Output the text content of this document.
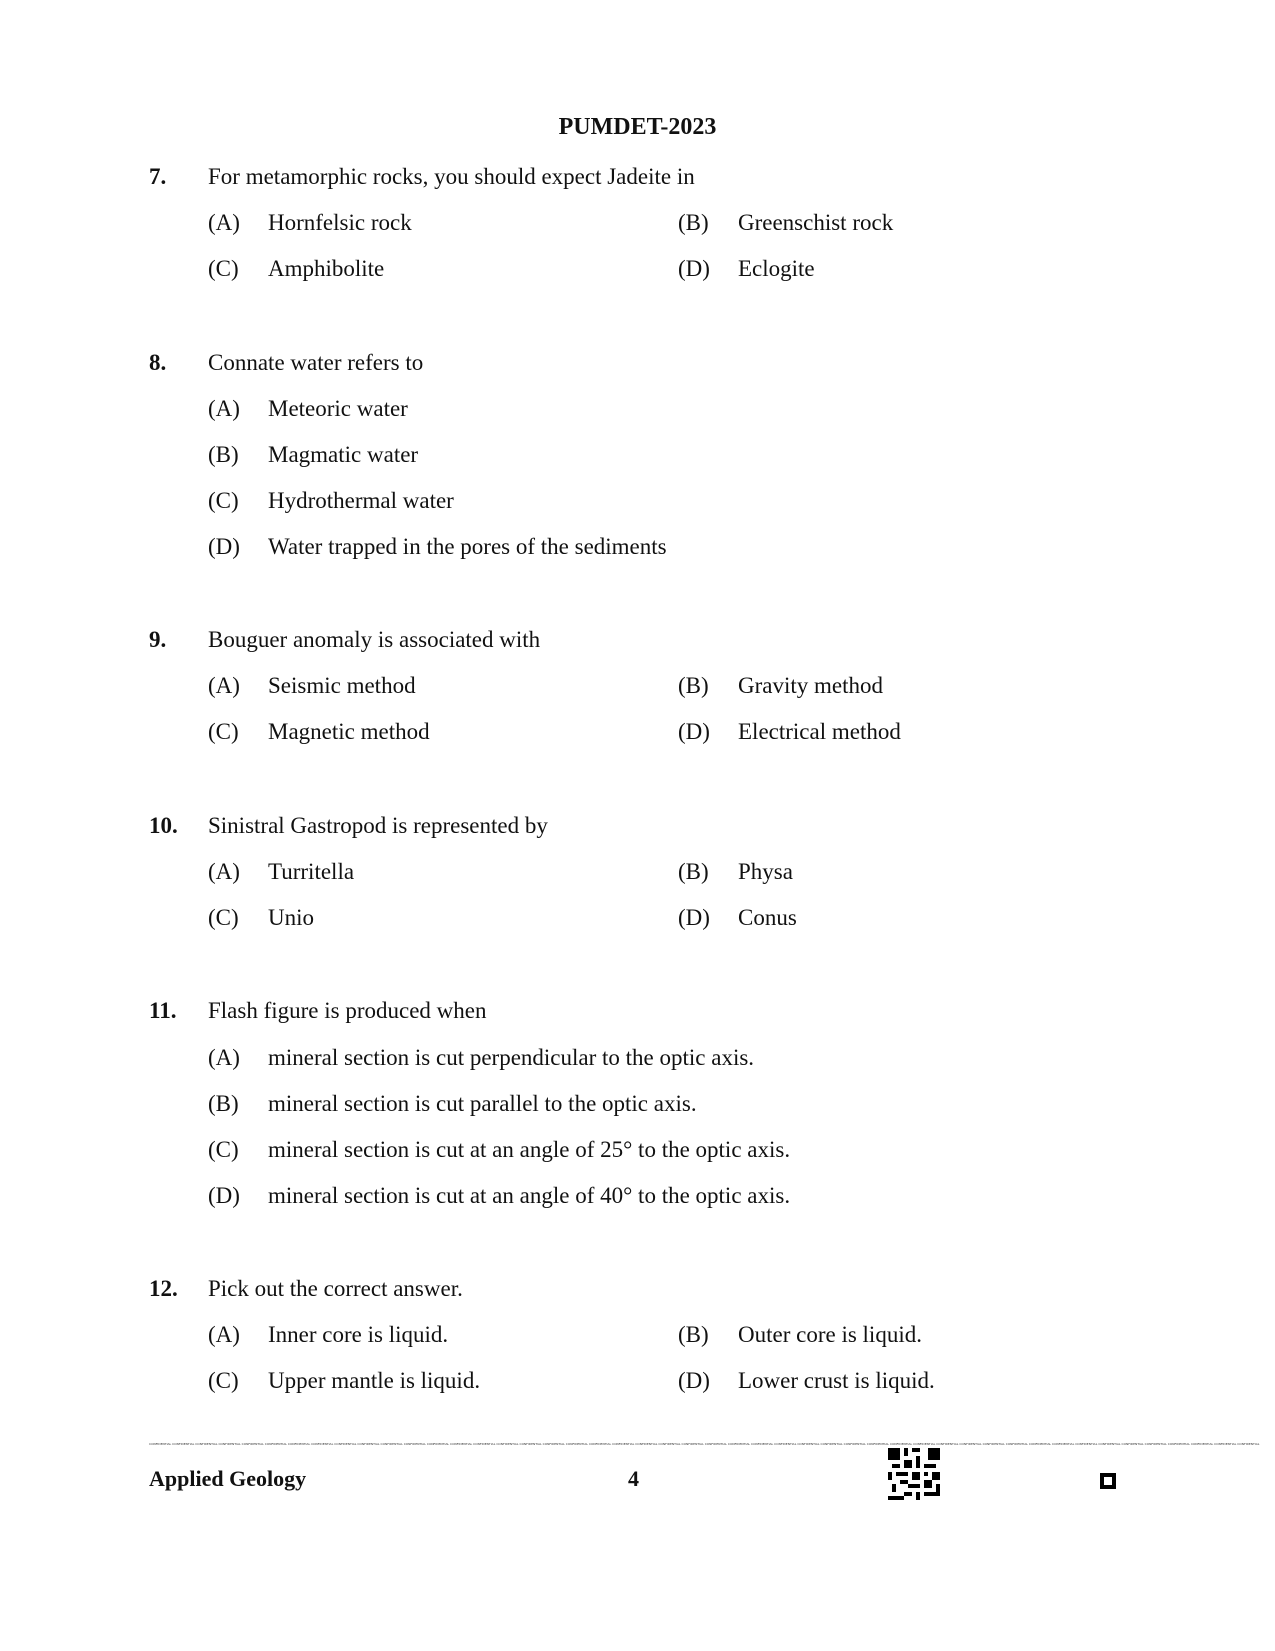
PUMDET-2023
7. For metamorphic rocks, you should expect Jadeite in
(A) Hornfelsic rock	(B) Greenschist rock
(C) Amphibolite	(D) Eclogite
8. Connate water refers to
(A) Meteoric water
(B) Magmatic water
(C) Hydrothermal water
(D) Water trapped in the pores of the sediments
9. Bouguer anomaly is associated with
(A) Seismic method	(B) Gravity method
(C) Magnetic method	(D) Electrical method
10. Sinistral Gastropod is represented by
(A) Turritella	(B) Physa
(C) Unio	(D) Conus
11. Flash figure is produced when
(A) mineral section is cut perpendicular to the optic axis.
(B) mineral section is cut parallel to the optic axis.
(C) mineral section is cut at an angle of 25° to the optic axis.
(D) mineral section is cut at an angle of 40° to the optic axis.
12. Pick out the correct answer.
(A) Inner core is liquid.	(B) Outer core is liquid.
(C) Upper mantle is liquid.	(D) Lower crust is liquid.
CONFIDENTIAL CONFIDENTIAL CONFIDENTIAL CONFIDENTIAL CONFIDENTIAL CONFIDENTIAL CONFIDENTIAL CONFIDENTIAL CONFIDENTIAL CONFIDENTIAL CONFIDENTIAL CONFIDENTIAL CONFIDENTIAL CONFIDENTIAL CONFIDENTIAL CONFIDENTIAL CONFIDENTIAL CONFIDENTIAL CONFIDENTIAL CONFIDENTIAL CONFIDENTIAL CONFIDENTIAL CONFIDENTIAL CONFIDENTIAL CONFIDENTIAL CONFIDENTIAL CONFIDENTIAL CONFIDENTIAL CONFIDENTIAL CONFIDENTIAL CONFIDENTIAL CONFIDENTIAL CONFIDENTIAL CONFIDENTIAL CONFIDENTIAL CONFIDENTIAL CONFIDENTIAL CONFIDENTIAL CONFIDENTIAL CONFIDENTIAL CONFIDENTIAL CONFIDENTIAL CONFIDENTIAL CONFIDENTIAL CONFIDENTIAL CONFIDENTIAL CONFIDENTIAL CONFIDENTIAL
Applied Geology	4
